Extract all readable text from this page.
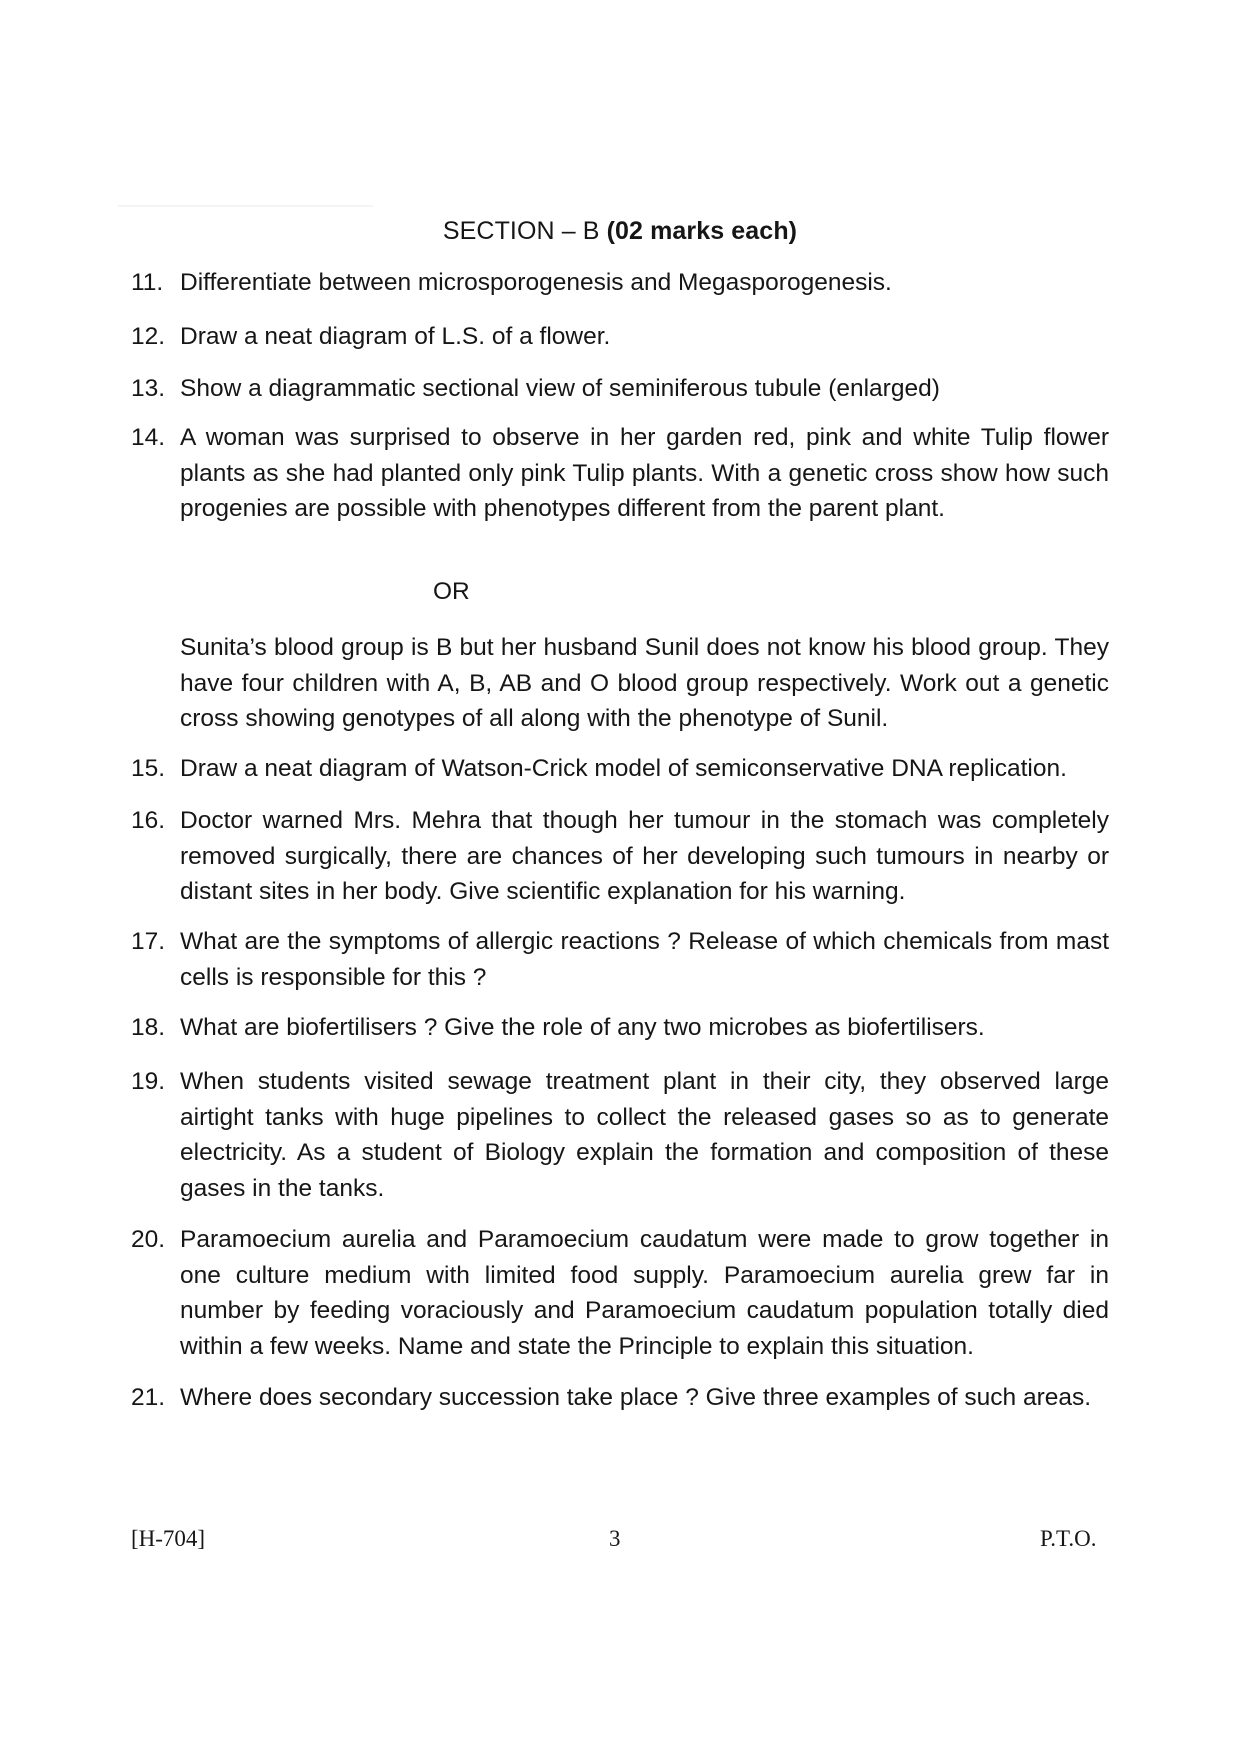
SECTION – B (02 marks each)
11. Differentiate between microsporogenesis and Megasporogenesis.
12. Draw a neat diagram of L.S. of a flower.
13. Show a diagrammatic sectional view of seminiferous tubule (enlarged)
14. A woman was surprised to observe in her garden red, pink and white Tulip flower plants as she had planted only pink Tulip plants. With a genetic cross show how such progenies are possible with phenotypes different from the parent plant.
OR
Sunita’s blood group is B but her husband Sunil does not know his blood group. They have four children with A, B, AB and O blood group respectively. Work out a genetic cross showing genotypes of all along with the phenotype of Sunil.
15. Draw a neat diagram of Watson-Crick model of semiconservative DNA replication.
16. Doctor warned Mrs. Mehra that though her tumour in the stomach was completely removed surgically, there are chances of her developing such tumours in nearby or distant sites in her body. Give scientific explanation for his warning.
17. What are the symptoms of allergic reactions ? Release of which chemicals from mast cells is responsible for this ?
18. What are biofertilisers ? Give the role of any two microbes as biofertilisers.
19. When students visited sewage treatment plant in their city, they observed large airtight tanks with huge pipelines to collect the released gases so as to generate electricity. As a student of Biology explain the formation and composition of these gases in the tanks.
20. Paramoecium aurelia and Paramoecium caudatum were made to grow together in one culture medium with limited food supply. Paramoecium aurelia grew far in number by feeding voraciously and Paramoecium caudatum population totally died within a few weeks. Name and state the Principle to explain this situation.
21. Where does secondary succession take place ? Give three examples of such areas.
[H-704]	3	P.T.O.
